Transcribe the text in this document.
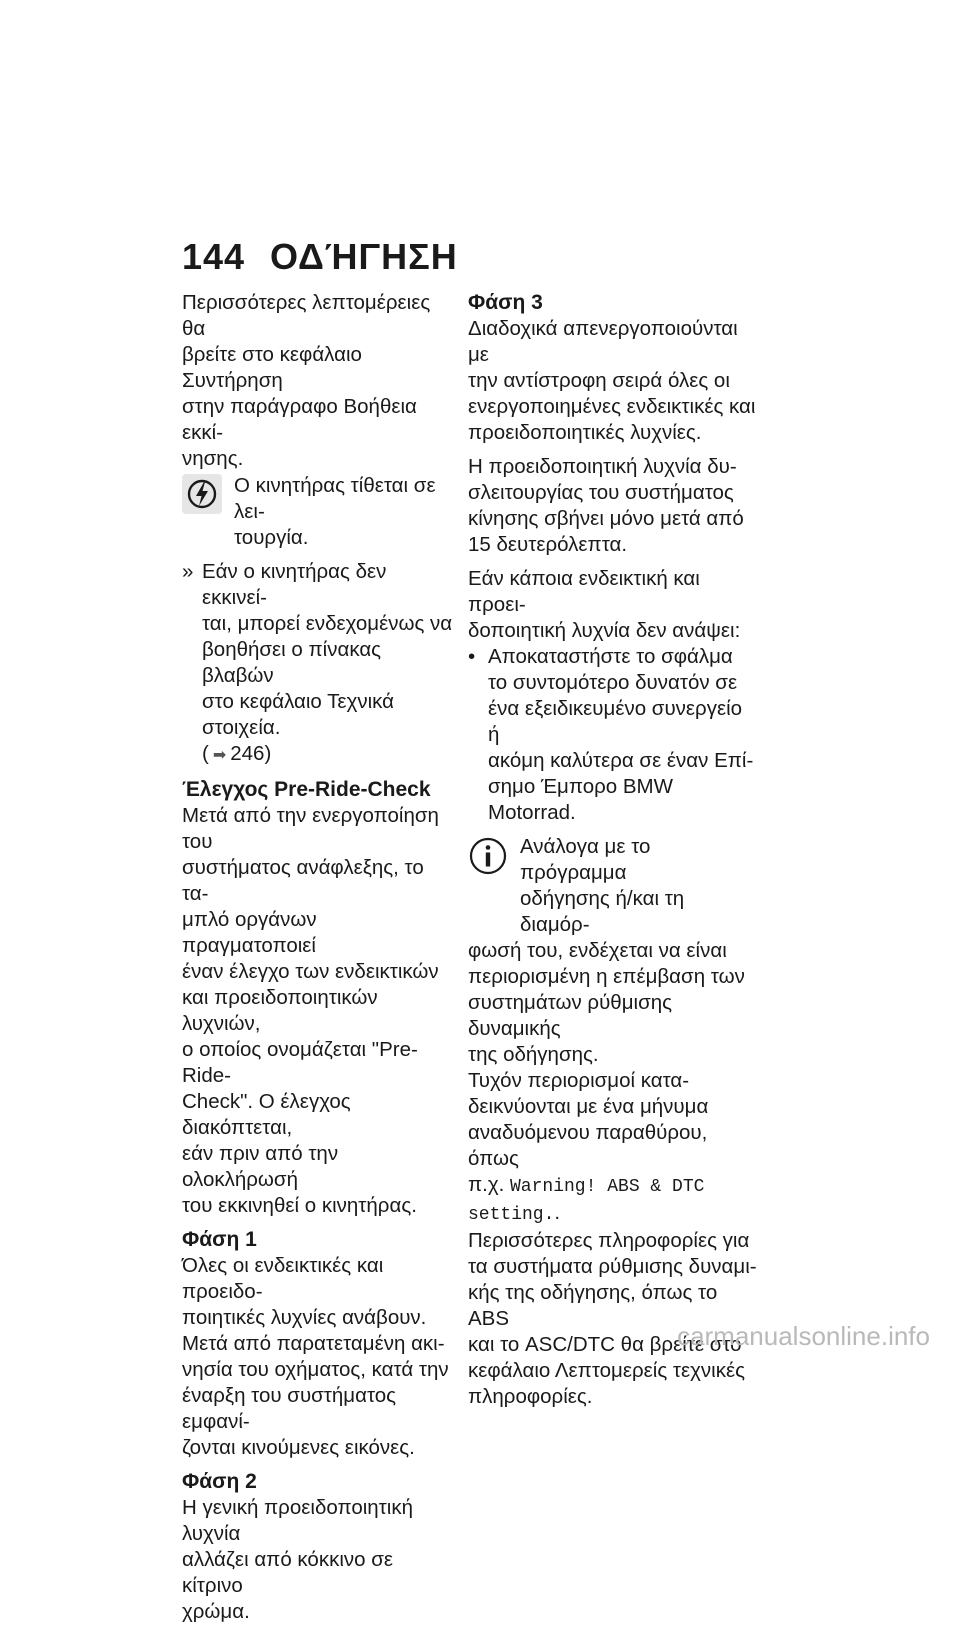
144 ΟΔΉΓΗΣΗ
Περισσότερες λεπτομέρειες θα
βρείτε στο κεφάλαιο Συντήρηση
στην παράγραφο Βοήθεια εκκί-
νησης.
Ο κινητήρας τίθεται σε λει-
τουργία.
» Εάν ο κινητήρας δεν εκκινεί-
ται, μπορεί ενδεχομένως να
βοηθήσει ο πίνακας βλαβών
στο κεφάλαιο Τεχνικά στοιχεία.
( ➡ 246)
Έλεγχος Pre-Ride-Check
Μετά από την ενεργοποίηση του
συστήματος ανάφλεξης, το τα-
μπλό οργάνων πραγματοποιεί
έναν έλεγχο των ενδεικτικών
και προειδοποιητικών λυχνιών,
ο οποίος ονομάζεται "Pre-Ride-
Check". Ο έλεγχος διακόπτεται,
εάν πριν από την ολοκλήρωσή
του εκκινηθεί ο κινητήρας.
Φάση 1
Όλες οι ενδεικτικές και προειδο-
ποιητικές λυχνίες ανάβουν.
Μετά από παρατεταμένη ακι-
νησία του οχήματος, κατά την
έναρξη του συστήματος εμφανί-
ζονται κινούμενες εικόνες.
Φάση 2
Η γενική προειδοποιητική λυχνία
αλλάζει από κόκκινο σε κίτρινο
χρώμα.
Φάση 3
Διαδοχικά απενεργοποιούνται με
την αντίστροφη σειρά όλες οι
ενεργοποιημένες ενδεικτικές και
προειδοποιητικές λυχνίες.
Η προειδοποιητική λυχνία δυ-
σλειτουργίας του συστήματος
κίνησης σβήνει μόνο μετά από
15 δευτερόλεπτα.
Εάν κάποια ενδεικτική και προει-
δοποιητική λυχνία δεν ανάψει:
• Αποκαταστήστε το σφάλμα
το συντομότερο δυνατόν σε
ένα εξειδικευμένο συνεργείο ή
ακόμη καλύτερα σε έναν Επί-
σημο Έμπορο BMW Motorrad.
Ανάλογα με το πρόγραμμα
οδήγησης ή/και τη διαμόρ-
φωσή του, ενδέχεται να είναι
περιορισμένη η επέμβαση των
συστημάτων ρύθμισης δυναμικής
της οδήγησης.
Τυχόν περιορισμοί κατα-
δεικνύονται με ένα μήνυμα
αναδυόμενου παραθύρου, όπως
π.χ. Warning! ABS & DTC
setting..
Περισσότερες πληροφορίες για
τα συστήματα ρύθμισης δυναμι-
κής της οδήγησης, όπως το ABS
και το ASC/DTC θα βρείτε στο
κεφάλαιο Λεπτομερείς τεχνικές
πληροφορίες.
carmanualsonline.info
